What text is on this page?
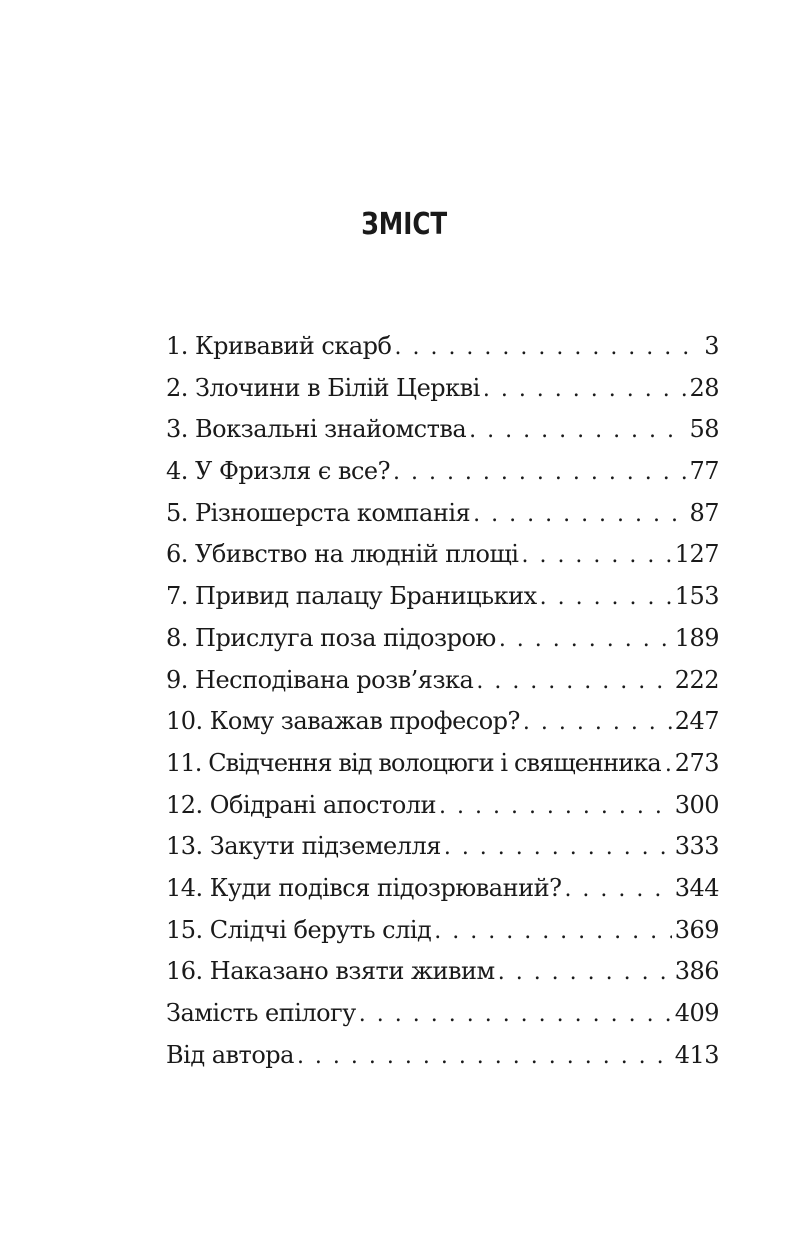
ЗМІСТ
1. Кривавий скарб . . .	3
2. Злочини в Білій Церкві . . .	28
3. Вокзальні знайомства . . .	58
4. У Фризля є все? . . .	77
5. Різношерста компанія . . .	87
6. Убивство на людній площі . . .	127
7. Привид палацу Браницьких . . .	153
8. Прислуга поза підозрою . . .	189
9. Несподівана розв’язка . . .	222
10. Кому заважав професор? . . .	247
11. Свідчення від волоцюги і священника . . . 273
12. Обідрані апостоли . . .	300
13. Закути підземелля . . .	333
14. Куди подівся підозрюваний? . . .	344
15. Слідчі беруть слід . . .	369
16. Наказано взяти живим . . .	386
Замість епілогу . . .	409
Від автора . . .	413
